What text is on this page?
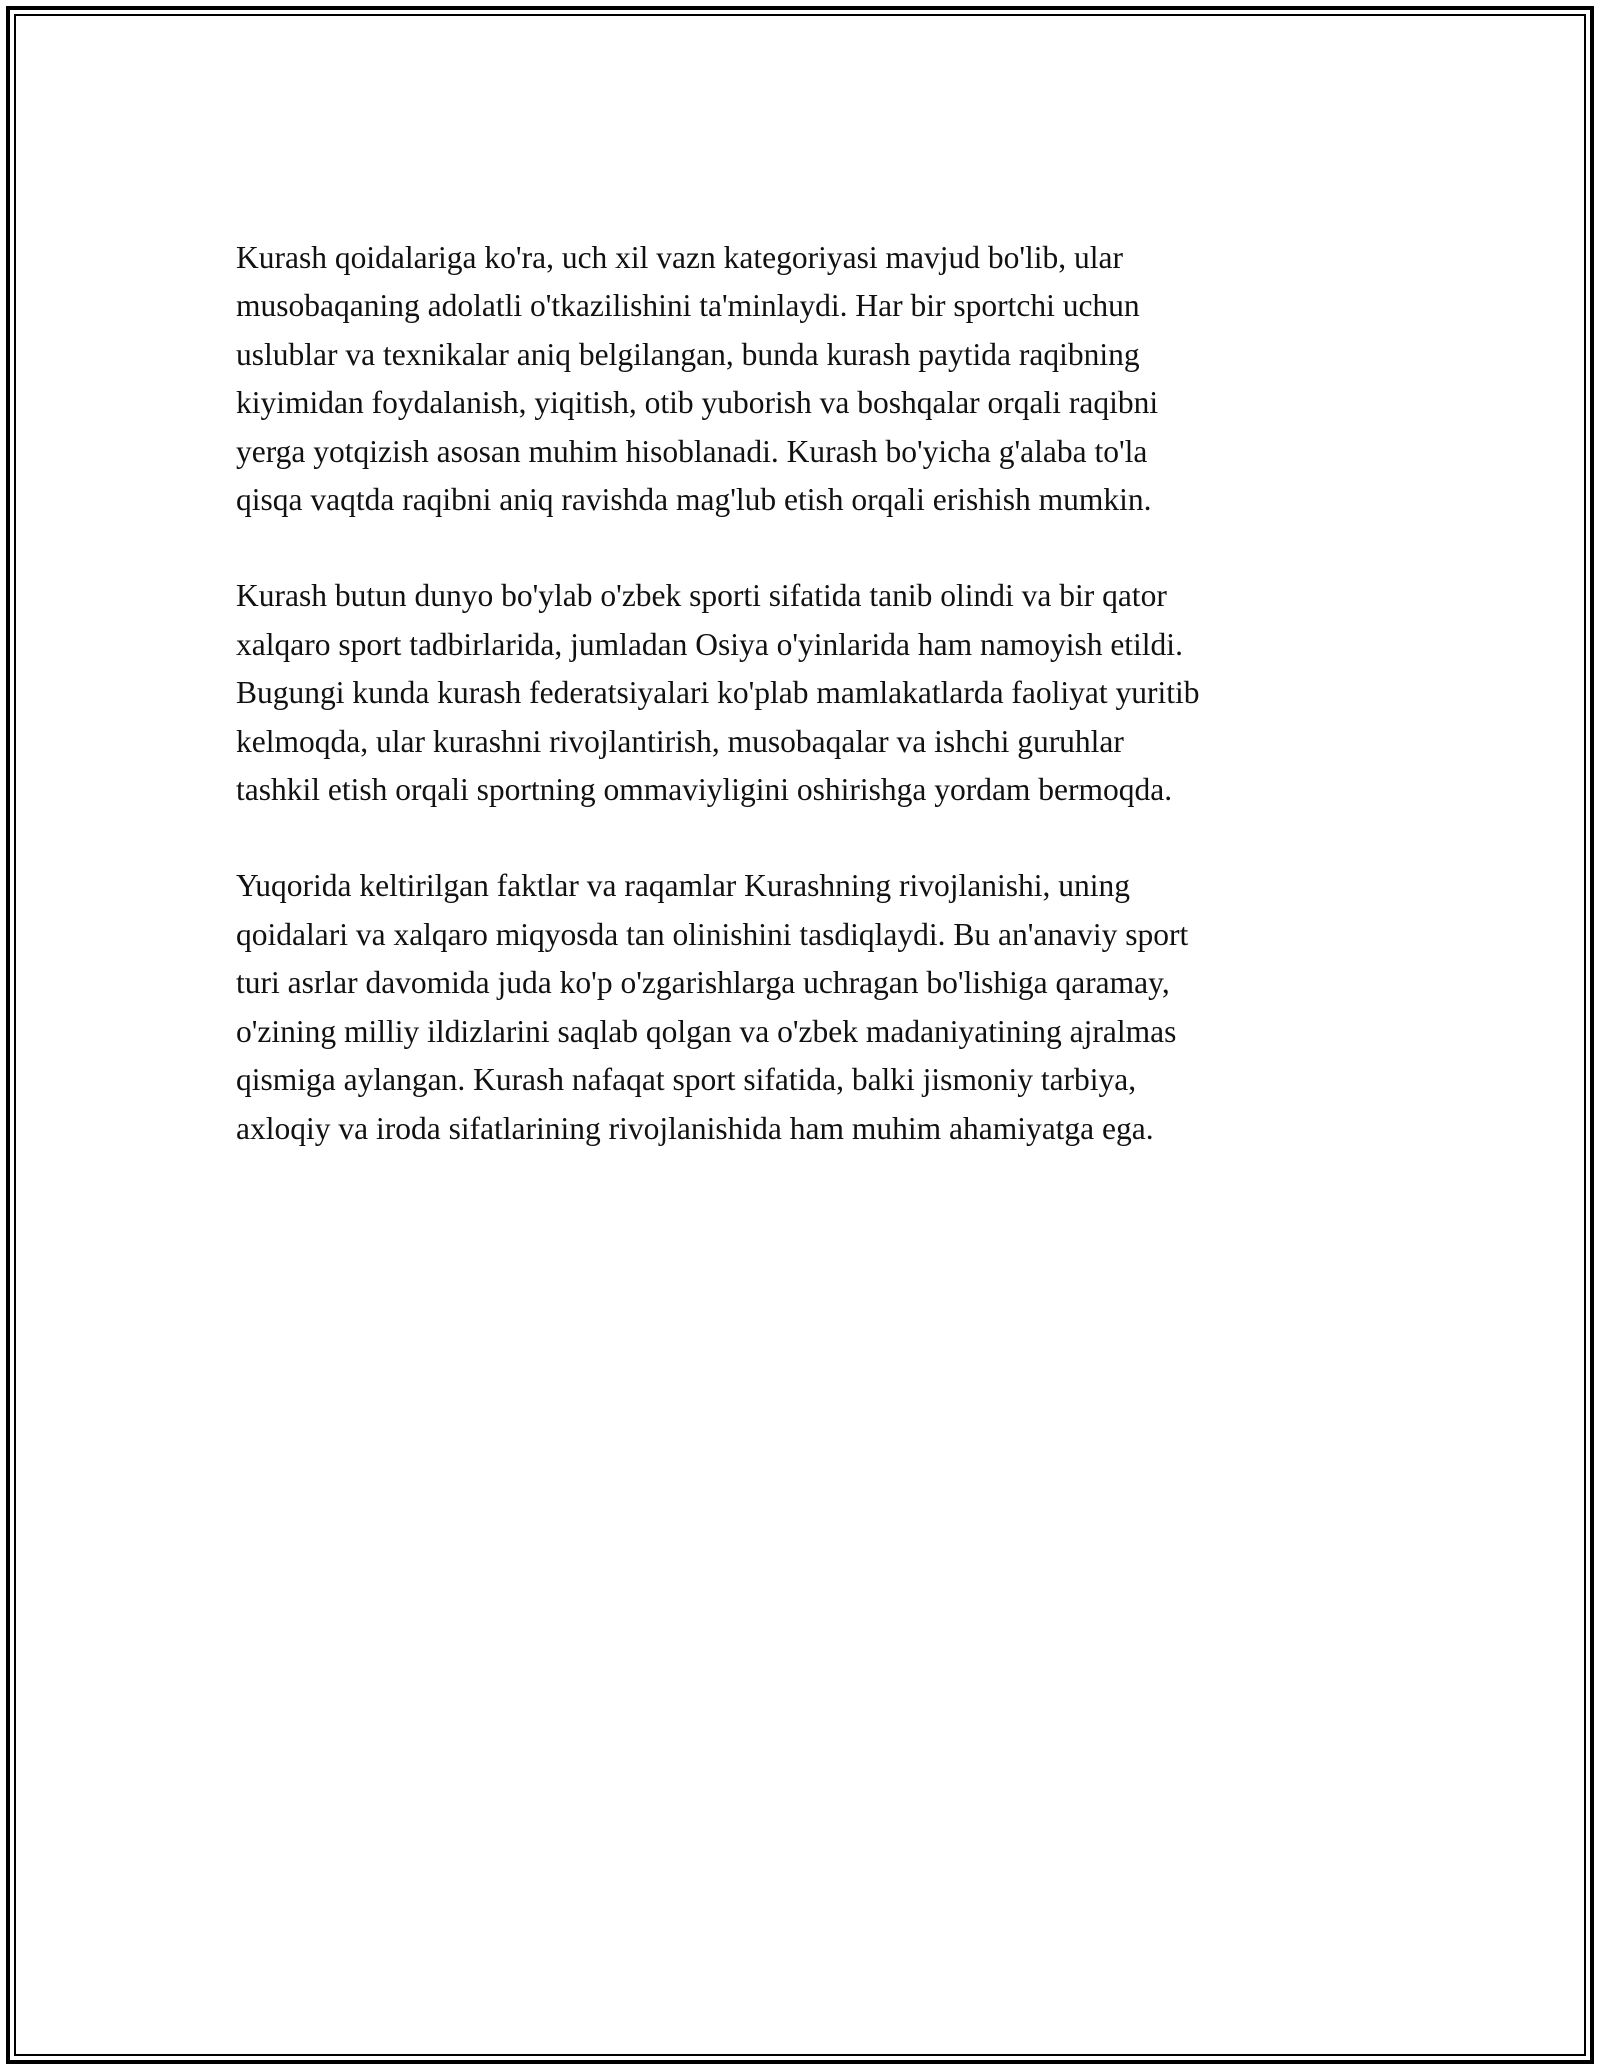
Kurash qoidalariga ko'ra, uch xil vazn kategoriyasi mavjud bo'lib, ular
musobaqaning adolatli o'tkazilishini ta'minlaydi. Har bir sportchi uchun
uslublar va texnikalar aniq belgilangan, bunda kurash paytida raqibning
kiyimidan foydalanish, yiqitish, otib yuborish va boshqalar orqali raqibni
yerga yotqizish asosan muhim hisoblanadi. Kurash bo'yicha g'alaba to'la
qisqa vaqtda raqibni aniq ravishda mag'lub etish orqali erishish mumkin.

Kurash butun dunyo bo'ylab o'zbek sporti sifatida tanib olindi va bir qator
xalqaro sport tadbirlarida, jumladan Osiya o'yinlarida ham namoyish etildi.
Bugungi kunda kurash federatsiyalari ko'plab mamlakatlarda faoliyat yuritib
kelmoqda, ular kurashni rivojlantirish, musobaqalar va ishchi guruhlar
tashkil etish orqali sportning ommaviyligini oshirishga yordam bermoqda.

Yuqorida keltirilgan faktlar va raqamlar Kurashning rivojlanishi, uning
qoidalari va xalqaro miqyosda tan olinishini tasdiqlaydi. Bu an'anaviy sport
turi asrlar davomida juda ko'p o'zgarishlarga uchragan bo'lishiga qaramay,
o'zining milliy ildizlarini saqlab qolgan va o'zbek madaniyatining ajralmas
qismiga aylangan. Kurash nafaqat sport sifatida, balki jismoniy tarbiya,
axloqiy va iroda sifatlarining rivojlanishida ham muhim ahamiyatga ega.
